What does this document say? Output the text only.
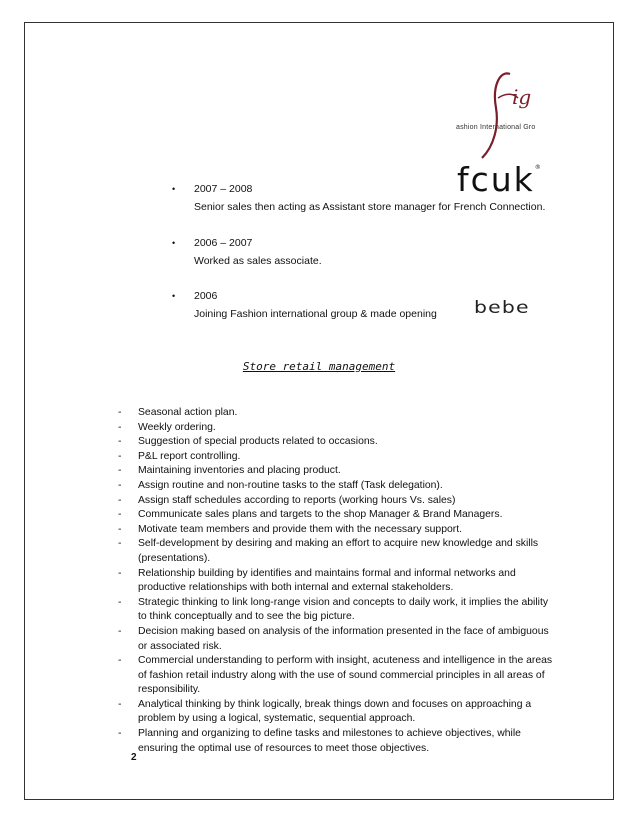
ig
ashion International Gro
fcuk ®
bebe
• 2007 – 2008
Senior sales then acting as Assistant store manager for French Connection.
• 2006 – 2007
Worked as sales associate.
• 2006
Joining Fashion international group & made opening
Store retail management
- Seasonal action plan.
- Weekly ordering.
- Suggestion of special products related to occasions.
- P&L report controlling.
- Maintaining inventories and placing product.
- Assign routine and non-routine tasks to the staff (Task delegation).
- Assign staff schedules according to reports (working hours Vs. sales)
- Communicate sales plans and targets to the shop Manager & Brand Managers.
- Motivate team members and provide them with the necessary support.
- Self-development by desiring and making an effort to acquire new knowledge and skills (presentations).
- Relationship building by identifies and maintains formal and informal networks and productive relationships with both internal and external stakeholders.
- Strategic thinking to link long-range vision and concepts to daily work, it implies the ability to think conceptually and to see the big picture.
- Decision making based on analysis of the information presented in the face of ambiguous or associated risk.
- Commercial understanding to perform with insight, acuteness and intelligence in the areas of fashion retail industry along with the use of sound commercial principles in all areas of responsibility.
- Analytical thinking by think logically, break things down and focuses on approaching a problem by using a logical, systematic, sequential approach.
- Planning and organizing to define tasks and milestones to achieve objectives, while ensuring the optimal use of resources to meet those objectives.
2
